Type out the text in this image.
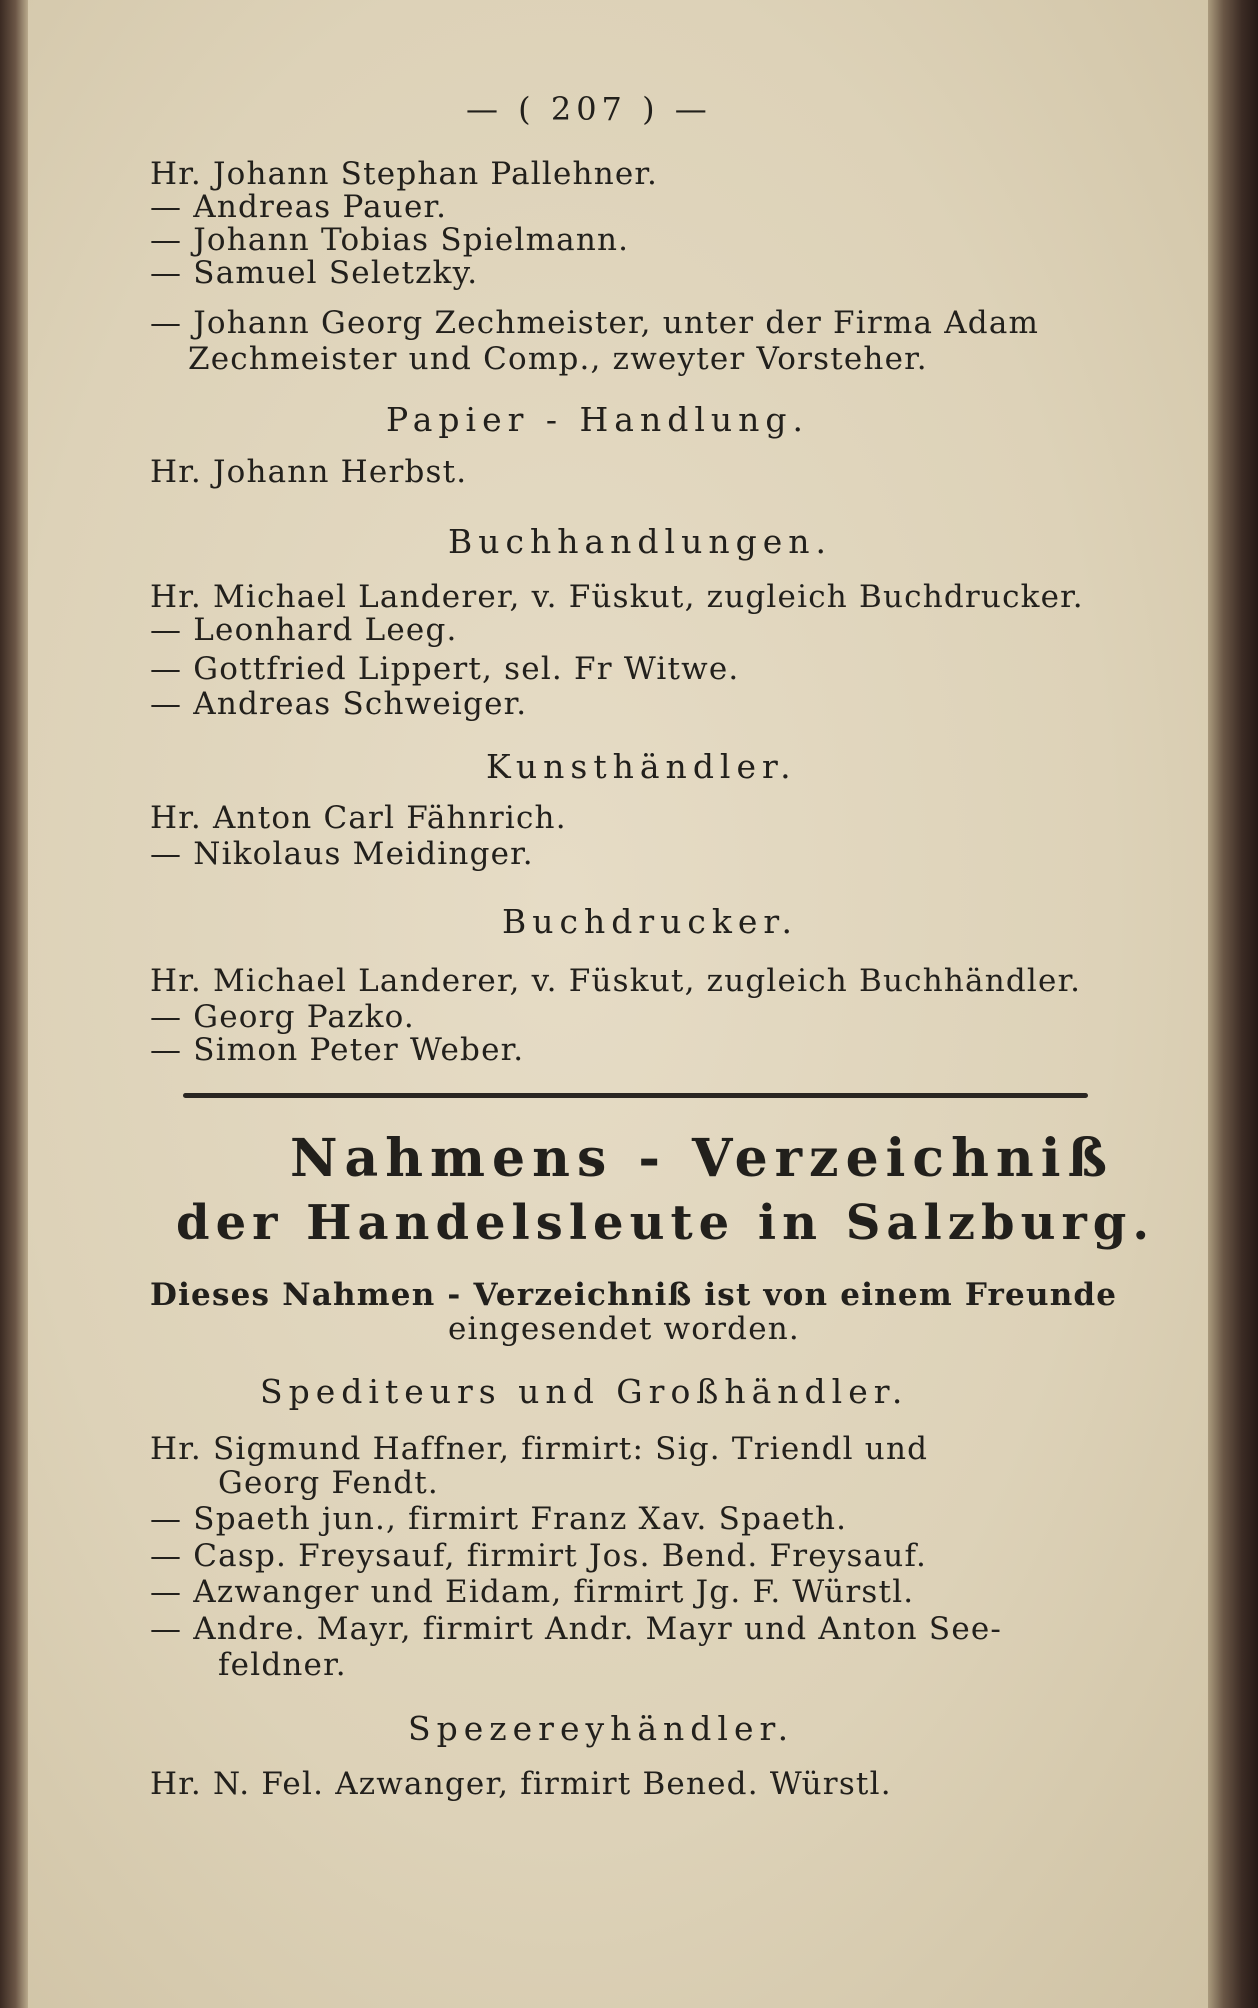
— ( 207 ) —
Hr. Johann Stephan Pallehner.
— Andreas Pauer.
— Johann Tobias Spielmann.
— Samuel Seletzky.
— Johann Georg Zechmeister, unter der Firma Adam
Zechmeister und Comp., zweyter Vorsteher.
Papier - Handlung.
Hr. Johann Herbst.
Buchhandlungen.
Hr. Michael Landerer, v. Füskut, zugleich Buchdrucker.
— Leonhard Leeg.
— Gottfried Lippert, sel. Fr Witwe.
— Andreas Schweiger.
Kunsthändler.
Hr. Anton Carl Fähnrich.
— Nikolaus Meidinger.
Buchdrucker.
Hr. Michael Landerer, v. Füskut, zugleich Buchhändler.
— Georg Pazko.
— Simon Peter Weber.
Nahmens - Verzeichniß
der Handelsleute in Salzburg.
Dieses Nahmen - Verzeichniß ist von einem Freunde
eingesendet worden.
Spediteurs und Großhändler.
Hr. Sigmund Haffner, firmirt: Sig. Triendl und
Georg Fendt.
— Spaeth jun., firmirt Franz Xav. Spaeth.
— Casp. Freysauf, firmirt Jos. Bend. Freysauf.
— Azwanger und Eidam, firmirt Jg. F. Würstl.
— Andre. Mayr, firmirt Andr. Mayr und Anton See-
feldner.
Spezereyhändler.
Hr. N. Fel. Azwanger, firmirt Bened. Würstl.
